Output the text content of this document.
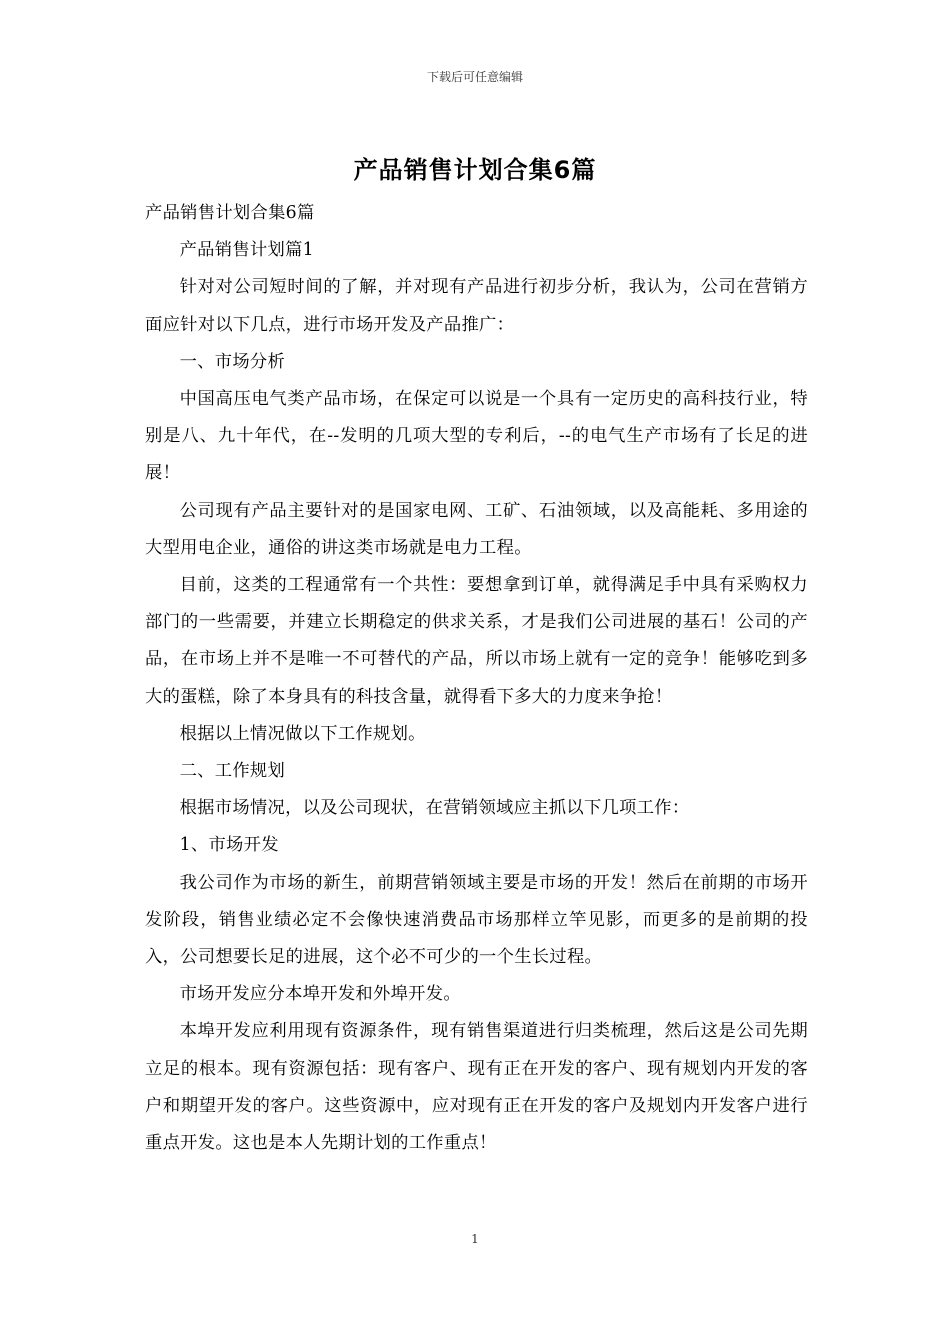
下载后可任意编辑
产品销售计划合集6篇

产品销售计划合集6篇

产品销售计划篇1

针对对公司短时间的了解，并对现有产品进行初步分析，我认为，公司在营销方面应针对以下几点，进行市场开发及产品推广：

一、市场分析

中国高压电气类产品市场，在保定可以说是一个具有一定历史的高科技行业，特别是八、九十年代，在--发明的几项大型的专利后，--的电气生产市场有了长足的进展！

公司现有产品主要针对的是国家电网、工矿、石油领域，以及高能耗、多用途的大型用电企业，通俗的讲这类市场就是电力工程。

目前，这类的工程通常有一个共性：要想拿到订单，就得满足手中具有采购权力部门的一些需要，并建立长期稳定的供求关系，才是我们公司进展的基石！公司的产品，在市场上并不是唯一不可替代的产品，所以市场上就有一定的竞争！能够吃到多大的蛋糕，除了本身具有的科技含量，就得看下多大的力度来争抢！

根据以上情况做以下工作规划。

二、工作规划

根据市场情况，以及公司现状，在营销领域应主抓以下几项工作：

1、市场开发

我公司作为市场的新生，前期营销领域主要是市场的开发！然后在前期的市场开发阶段，销售业绩必定不会像快速消费品市场那样立竿见影，而更多的是前期的投入，公司想要长足的进展，这个必不可少的一个生长过程。

市场开发应分本埠开发和外埠开发。

本埠开发应利用现有资源条件，现有销售渠道进行归类梳理，然后这是公司先期立足的根本。现有资源包括：现有客户、现有正在开发的客户、现有规划内开发的客户和期望开发的客户。这些资源中，应对现有正在开发的客户及规划内开发客户进行重点开发。这也是本人先期计划的工作重点！

1
